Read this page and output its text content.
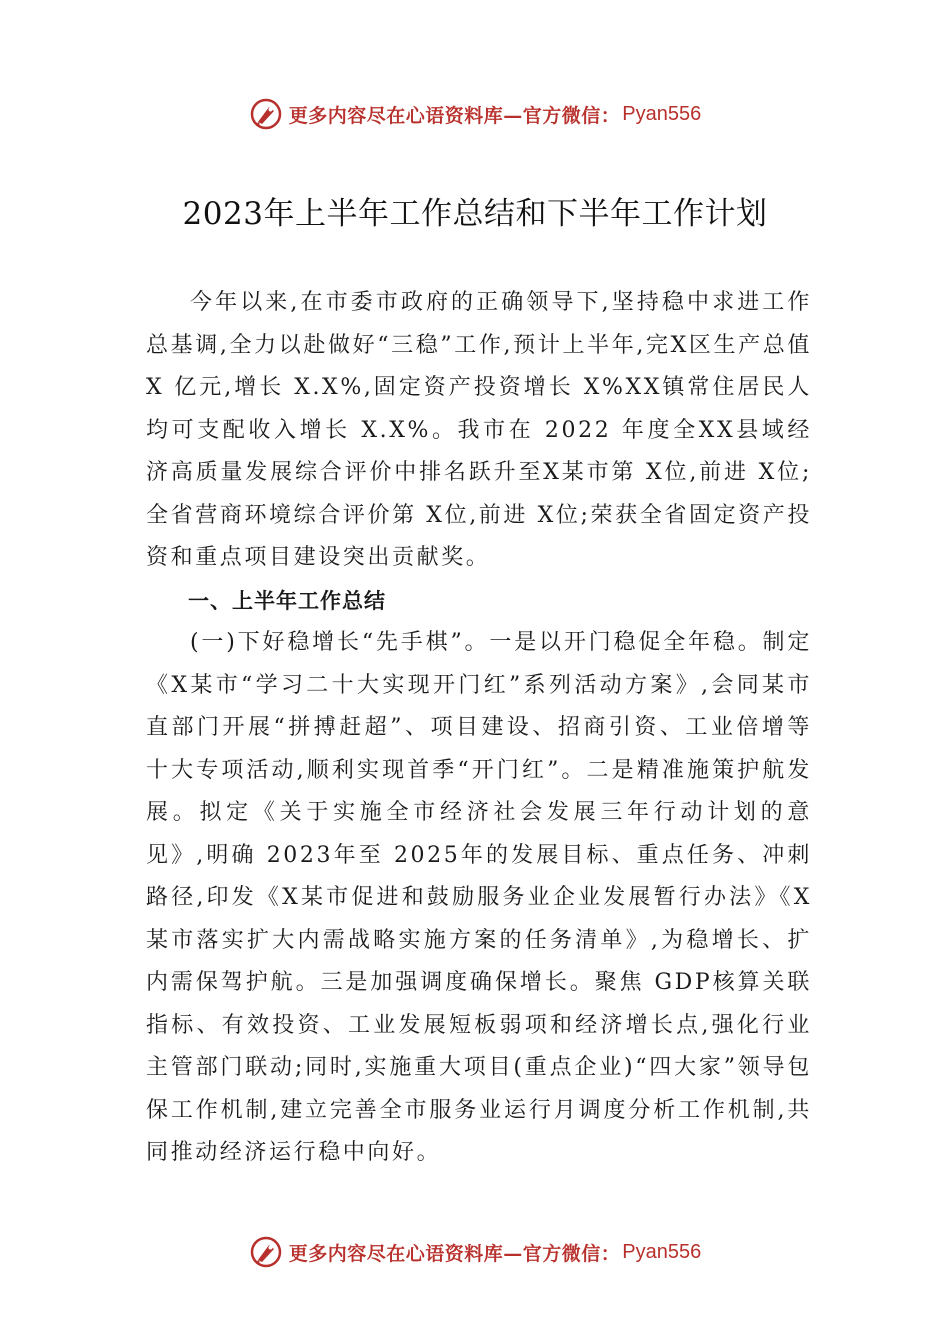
更多内容尽在心语资料库—官方微信： Pyan556
2023年上半年工作总结和下半年工作计划

今年以来,在市委市政府的正确领导下,坚持稳中求进工作总基调,全力以赴做好“三稳”工作,预计上半年,完X区生产总值 X 亿元,增长 X.X%,固定资产投资增长 X%XX镇常住居民人均可支配收入增长 X.X%。我市在 2022 年度全XX县域经济高质量发展综合评价中排名跃升至X某市第 X位,前进 X位;全省营商环境综合评价第 X位,前进 X位;荣获全省固定资产投资和重点项目建设突出贡献奖。

一、上半年工作总结

(一)下好稳增长“先手棋”。一是以开门稳促全年稳。制定《X某市“学习二十大实现开门红”系列活动方案》,会同某市直部门开展“拼搏赶超”、项目建设、招商引资、工业倍增等十大专项活动,顺利实现首季“开门红”。二是精准施策护航发展。拟定《关于实施全市经济社会发展三年行动计划的意见》,明确 2023年至 2025年的发展目标、重点任务、冲刺路径,印发《X某市促进和鼓励服务业企业发展暂行办法》《X某市落实扩大内需战略实施方案的任务清单》,为稳增长、扩内需保驾护航。三是加强调度确保增长。聚焦 GDP核算关联指标、有效投资、工业发展短板弱项和经济增长点,强化行业主管部门联动;同时,实施重大项目(重点企业)“四大家”领导包保工作机制,建立完善全市服务业运行月调度分析工作机制,共同推动经济运行稳中向好。

更多内容尽在心语资料库—官方微信： Pyan556
